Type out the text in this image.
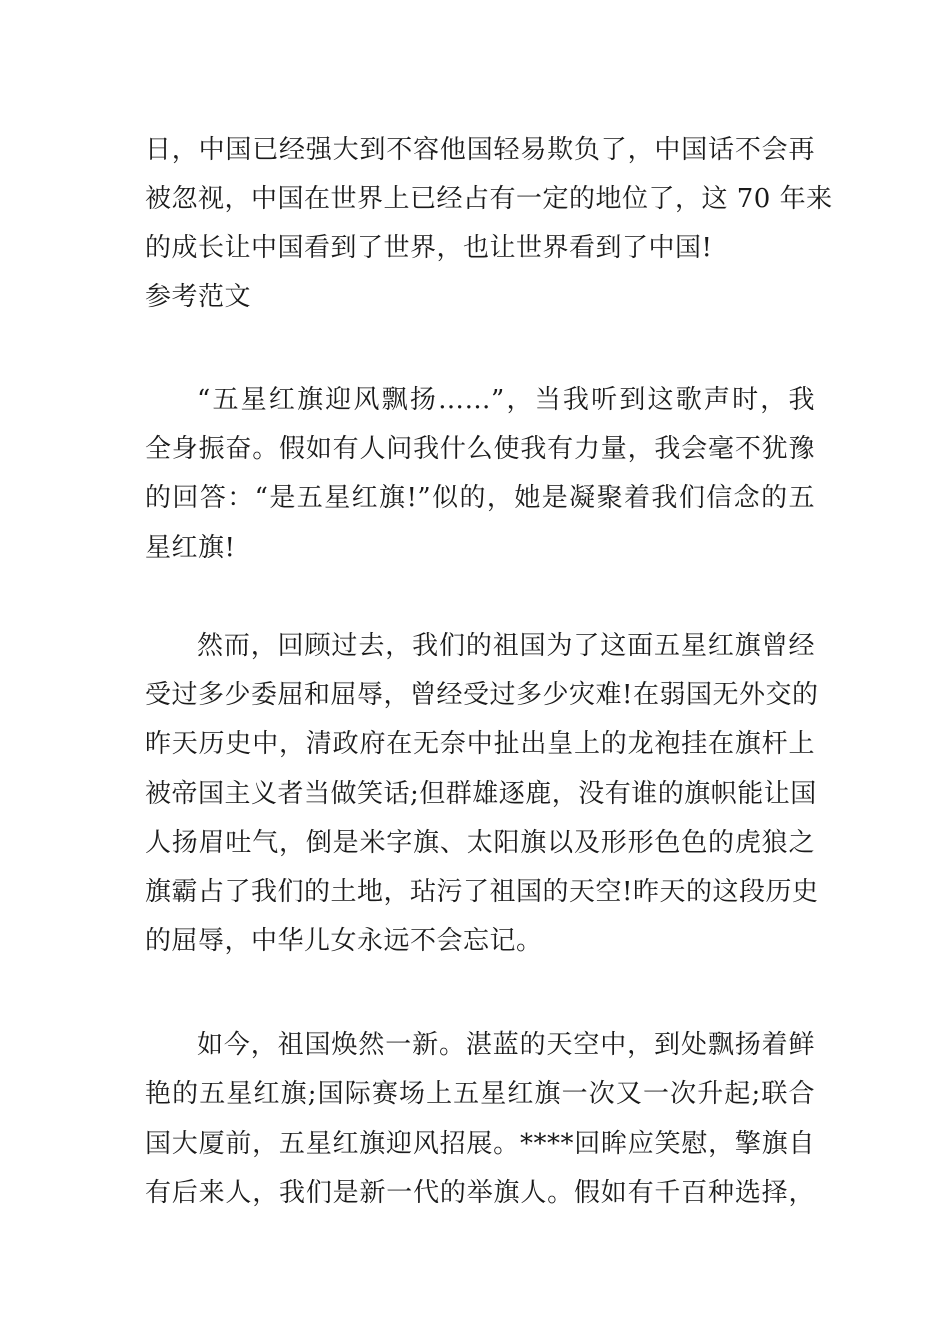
日，中国已经强大到不容他国轻易欺负了，中国话不会再
被忽视，中国在世界上已经占有一定的地位了，这 70 年来
的成长让中国看到了世界，也让世界看到了中国!
参考范文
“五星红旗迎风飘扬……”，当我听到这歌声时，我
全身振奋。假如有人问我什么使我有力量，我会毫不犹豫
的回答：“是五星红旗!”似的，她是凝聚着我们信念的五
星红旗!
然而，回顾过去，我们的祖国为了这面五星红旗曾经
受过多少委屈和屈辱，曾经受过多少灾难!在弱国无外交的
昨天历史中，清政府在无奈中扯出皇上的龙袍挂在旗杆上
被帝国主义者当做笑话;但群雄逐鹿，没有谁的旗帜能让国
人扬眉吐气，倒是米字旗、太阳旗以及形形色色的虎狼之
旗霸占了我们的土地，玷污了祖国的天空!昨天的这段历史
的屈辱，中华儿女永远不会忘记。
如今，祖国焕然一新。湛蓝的天空中，到处飘扬着鲜
艳的五星红旗;国际赛场上五星红旗一次又一次升起;联合
国大厦前，五星红旗迎风招展。****回眸应笑慰，擎旗自
有后来人，我们是新一代的举旗人。假如有千百种选择，
